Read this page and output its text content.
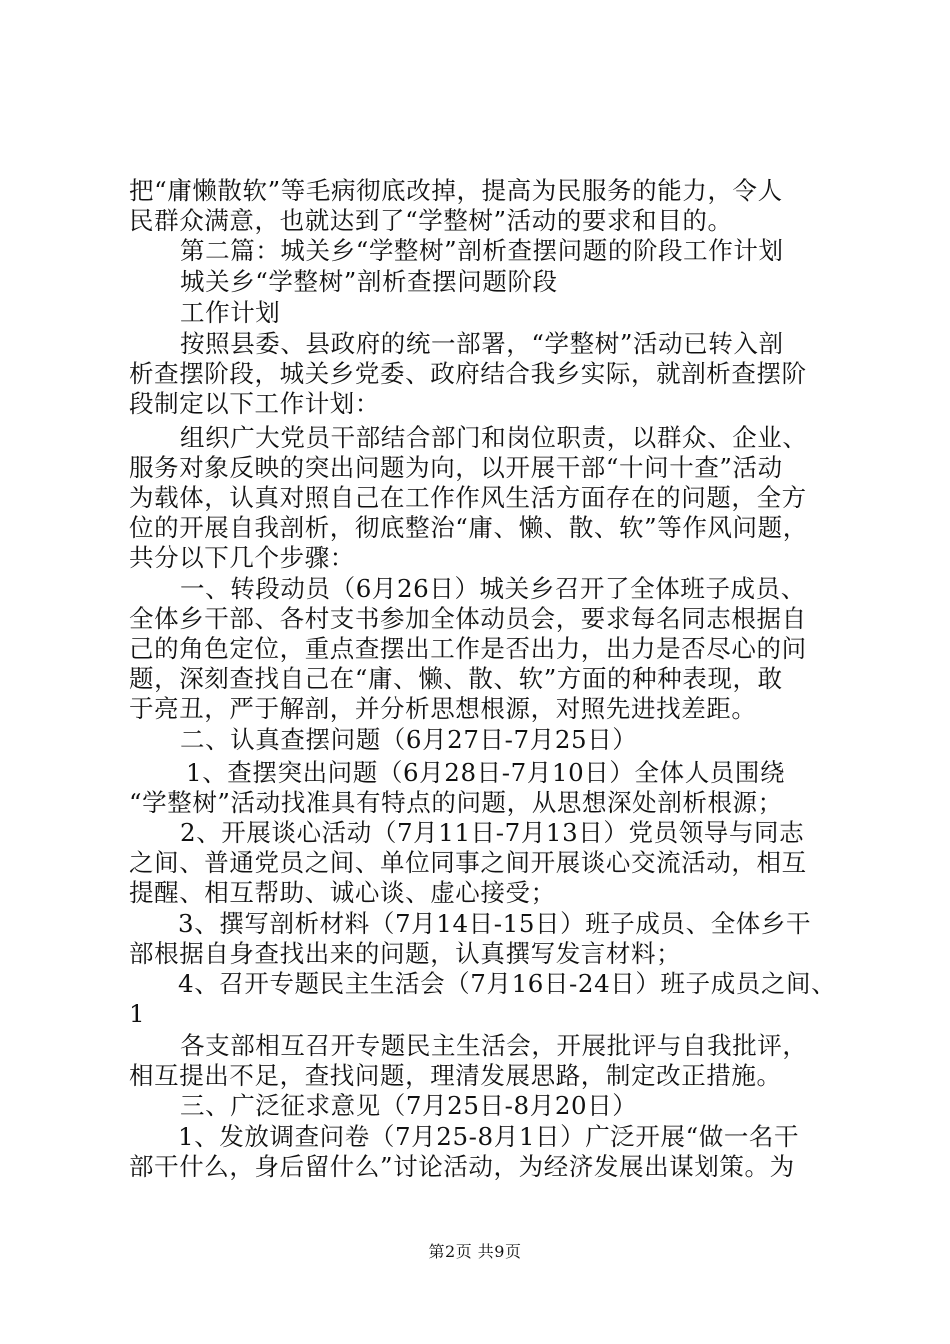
把“庸懒散软”等毛病彻底改掉，提高为民服务的能力，令人

民群众满意，也就达到了“学整树”活动的要求和目的。

第二篇：城关乡“学整树”剖析查摆问题的阶段工作计划

城关乡“学整树”剖析查摆问题阶段

工作计划

按照县委、县政府的统一部署，“学整树”活动已转入剖

析查摆阶段，城关乡党委、政府结合我乡实际，就剖析查摆阶

段制定以下工作计划：

组织广大党员干部结合部门和岗位职责，以群众、企业、

服务对象反映的突出问题为向，以开展干部“十问十查”活动

为载体，认真对照自己在工作作风生活方面存在的问题，全方

位的开展自我剖析，彻底整治“庸、懒、散、软”等作风问题，

共分以下几个步骤：

一、转段动员（6月26日）城关乡召开了全体班子成员、

全体乡干部、各村支书参加全体动员会，要求每名同志根据自

己的角色定位，重点查摆出工作是否出力，出力是否尽心的问

题，深刻查找自己在“庸、懒、散、软”方面的种种表现，敢

于亮丑，严于解剖，并分析思想根源，对照先进找差距。

二、认真查摆问题（6月27日-7月25日）

1、查摆突出问题（6月28日-7月10日）全体人员围绕

“学整树”活动找准具有特点的问题，从思想深处剖析根源；

2、开展谈心活动（7月11日-7月13日）党员领导与同志

之间、普通党员之间、单位同事之间开展谈心交流活动，相互

提醒、相互帮助、诚心谈、虚心接受；

3、撰写剖析材料（7月14日-15日）班子成员、全体乡干

部根据自身查找出来的问题，认真撰写发言材料；

4、召开专题民主生活会（7月16日-24日）班子成员之间、

1

各支部相互召开专题民主生活会，开展批评与自我批评，

相互提出不足，查找问题，理清发展思路，制定改正措施。

三、广泛征求意见（7月25日-8月20日）

1、发放调查问卷（7月25-8月1日）广泛开展“做一名干

部干什么，身后留什么”讨论活动，为经济发展出谋划策。为

第2页 共9页
